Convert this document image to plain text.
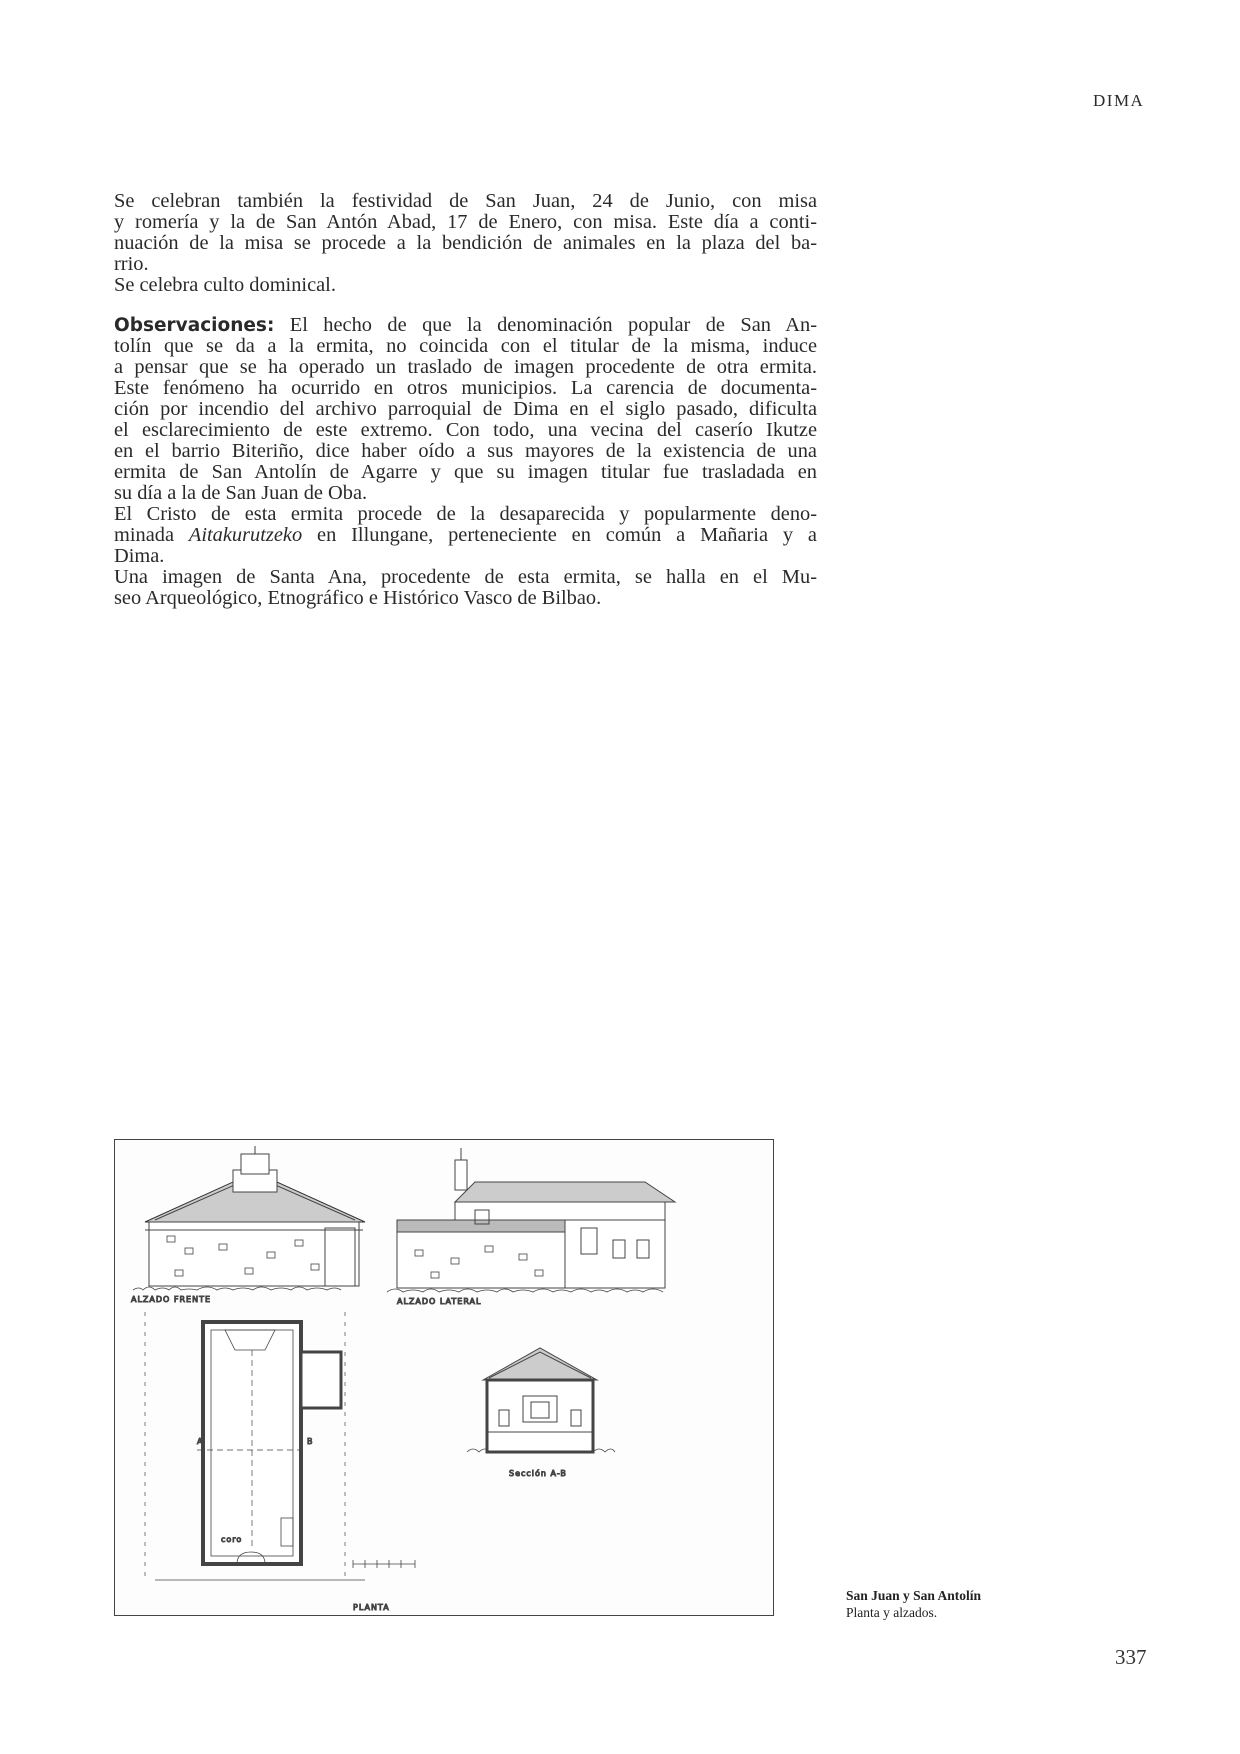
DIMA
Se celebran también la festividad de San Juan, 24 de Junio, con misa
y romería y la de San Antón Abad, 17 de Enero, con misa. Este día a conti-
nuación de la misa se procede a la bendición de animales en la plaza del ba-
rrio.
Se celebra culto dominical.
Observaciones: El hecho de que la denominación popular de San An-
tolín que se da a la ermita, no coincida con el titular de la misma, induce
a pensar que se ha operado un traslado de imagen procedente de otra ermita.
Este fenómeno ha ocurrido en otros municipios. La carencia de documenta-
ción por incendio del archivo parroquial de Dima en el siglo pasado, dificulta
el esclarecimiento de este extremo. Con todo, una vecina del caserío Ikutze
en el barrio Biteriño, dice haber oído a sus mayores de la existencia de una
ermita de San Antolín de Agarre y que su imagen titular fue trasladada en
su día a la de San Juan de Oba.
El Cristo de esta ermita procede de la desaparecida y popularmente deno-
minada Aitakurutzeko en Illungane, perteneciente en común a Mañaria y a
Dima.
Una imagen de Santa Ana, procedente de esta ermita, se halla en el Mu-
seo Arqueológico, Etnográfico e Histórico Vasco de Bilbao.
ALZADO FRENTE	ALZADO LATERAL
coro
A	B
PLANTA
Sección A-B
San Juan y San Antolín
Planta y alzados.
337
